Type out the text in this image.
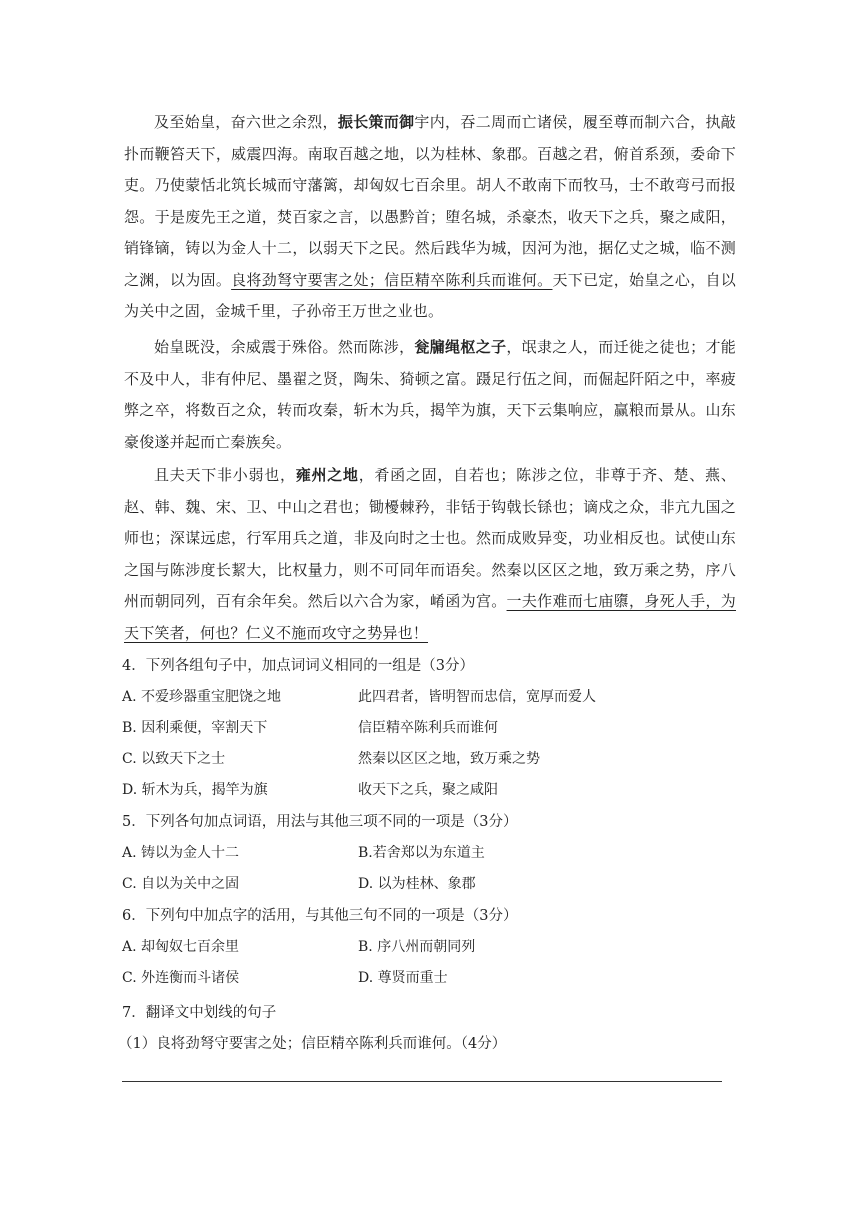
及至始皇，奋六世之余烈，振长策而御宇内，吞二周而亡诸侯，履至尊而制六合，执敲扑而鞭笞天下，威震四海。南取百越之地，以为桂林、象郡。百越之君，俯首系颈，委命下吏。乃使蒙恬北筑长城而守藩篱，却匈奴七百余里。胡人不敢南下而牧马，士不敢弯弓而报怨。于是废先王之道，焚百家之言，以愚黔首；堕名城，杀豪杰，收天下之兵，聚之咸阳，销锋镝，铸以为金人十二，以弱天下之民。然后践华为城，因河为池，据亿丈之城，临不测之渊，以为固。良将劲弩守要害之处；信臣精卒陈利兵而谁何。天下已定，始皇之心，自以为关中之固，金城千里，子孙帝王万世之业也。

始皇既没，余威震于殊俗。然而陈涉，瓮牖绳枢之子，氓隶之人，而迁徙之徒也；才能不及中人，非有仲尼、墨翟之贤，陶朱、猗顿之富。蹑足行伍之间，而倔起阡陌之中，率疲弊之卒，将数百之众，转而攻秦，斩木为兵，揭竿为旗，天下云集响应，赢粮而景从。山东豪俊遂并起而亡秦族矣。

且夫天下非小弱也，雍州之地，肴函之固，自若也；陈涉之位，非尊于齐、楚、燕、赵、韩、魏、宋、卫、中山之君也；锄櫌棘矜，非铦于钩戟长铩也；谪戍之众，非亢九国之师也；深谋远虑，行军用兵之道，非及向时之士也。然而成败异变，功业相反也。试使山东之国与陈涉度长絜大，比权量力，则不可同年而语矣。然秦以区区之地，致万乘之势，序八州而朝同列，百有余年矣。然后以六合为家，崤函为宫。一夫作难而七庙隳，身死人手，为天下笑者，何也？仁义不施而攻守之势异也！

4．下列各组句子中，加点词词义相同的一组是（3分）

A. 不爱珍器重宝肥饶之地	此四君者，皆明智而忠信，宽厚而爱人
B. 因利乘便，宰割天下	信臣精卒陈利兵而谁何
C. 以致天下之士	然秦以区区之地，致万乘之势
D. 斩木为兵，揭竿为旗	收天下之兵，聚之咸阳

5．下列各句加点词语，用法与其他三项不同的一项是（3分）

A. 铸以为金人十二	B.若舍郑以为东道主
C. 自以为关中之固	D. 以为桂林、象郡

6．下列句中加点字的活用，与其他三句不同的一项是（3分）

A. 却匈奴七百余里	B. 序八州而朝同列
C. 外连衡而斗诸侯	D. 尊贤而重士

7．翻译文中划线的句子

（1）良将劲弩守要害之处；信臣精卒陈利兵而谁何。（4分）
